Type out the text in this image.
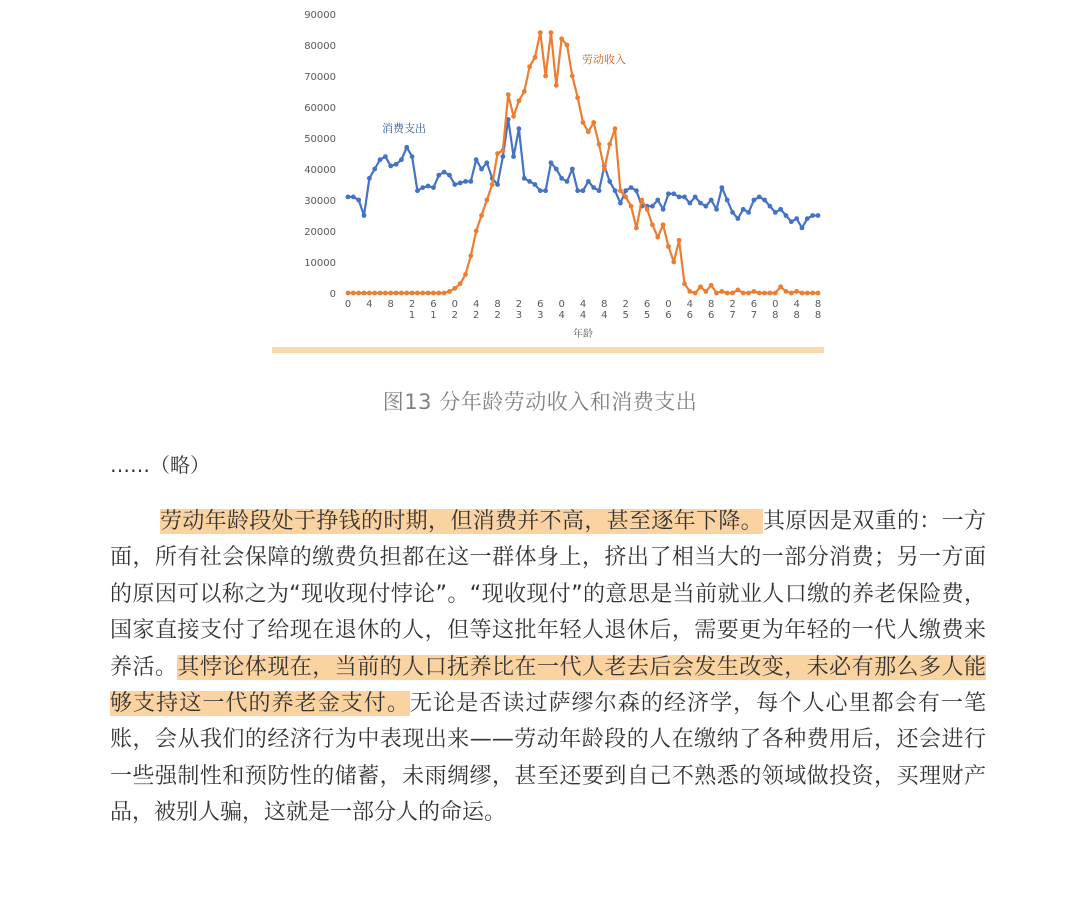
0
10000
20000
30000
40000
50000
60000
70000
80000
90000
0 4 8 2
1
6
1
0
2
4
2
8
2
2
3
6
3
0
4
4
4
8
4
2
5
6
5
0
6
4
6
8
6
2
7
6
7
0
8
4
8
8
8
年龄
消费支出
劳动收入
图13 分年龄劳动收入和消费支出
……（略）

劳动年龄段处于挣钱的时期，但消费并不高，甚至逐年下降。其原因是双重的：一方面，所有社会保障的缴费负担都在这一群体身上，挤出了相当大的一部分消费；另一方面的原因可以称之为“现收现付悖论”。“现收现付”的意思是当前就业人口缴的养老保险费，国家直接支付了给现在退休的人，但等这批年轻人退休后，需要更为年轻的一代人缴费来养活。其悖论体现在，当前的人口抚养比在一代人老去后会发生改变，未必有那么多人能够支持这一代的养老金支付。无论是否读过萨缪尔森的经济学，每个人心里都会有一笔账，会从我们的经济行为中表现出来——劳动年龄段的人在缴纳了各种费用后，还会进行一些强制性和预防性的储蓄，未雨绸缪，甚至还要到自己不熟悉的领域做投资，买理财产品，被别人骗，这就是一部分人的命运。
